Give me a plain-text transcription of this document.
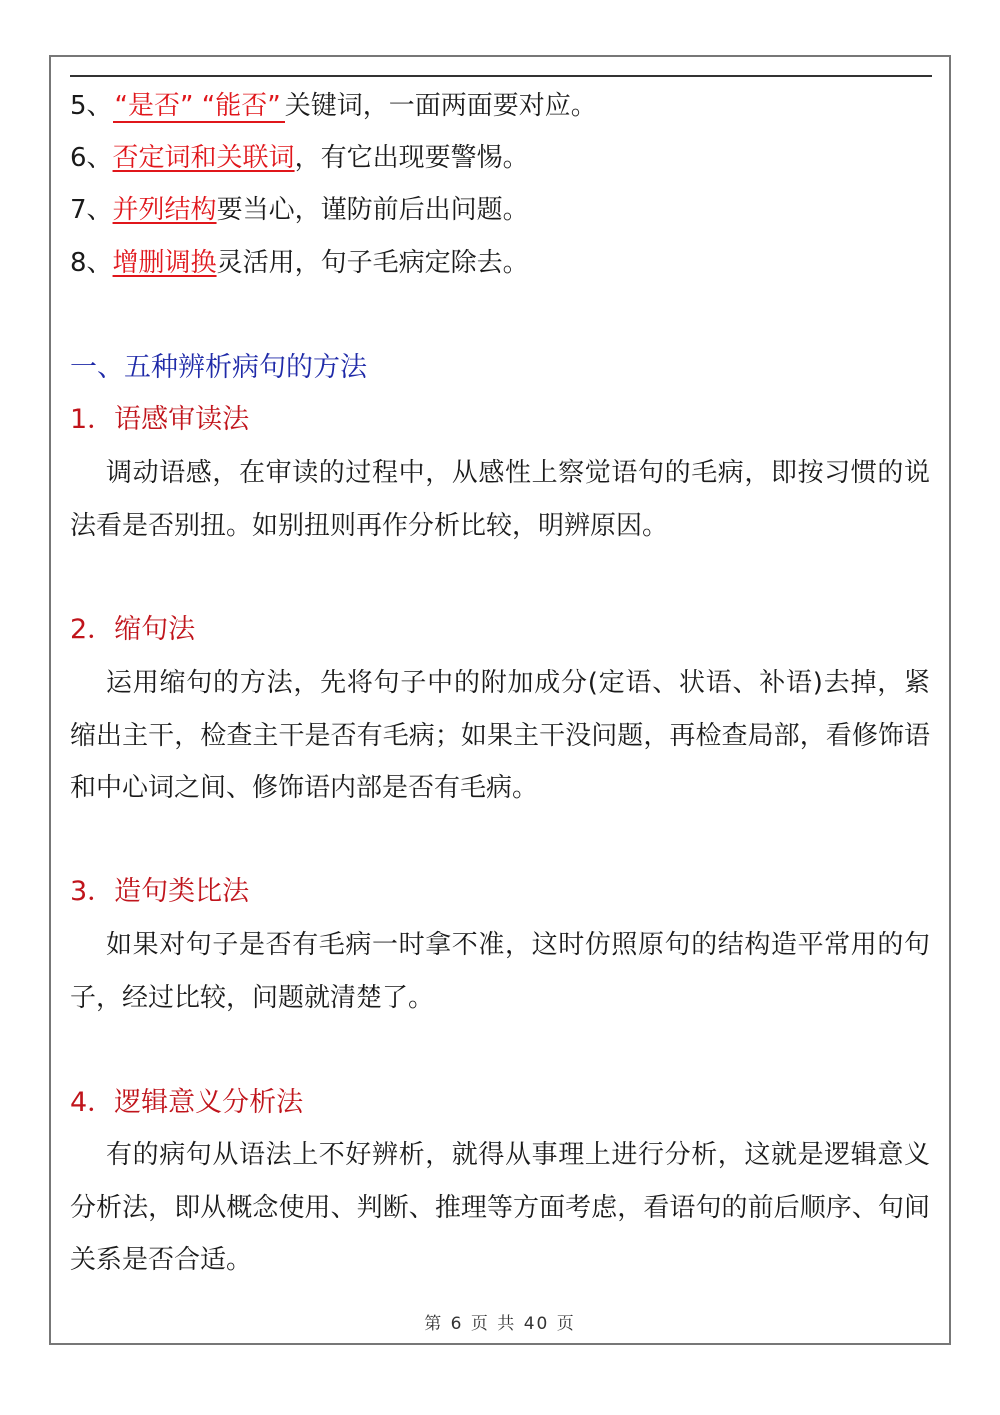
5、“是否” “能否” 关键词，一面两面要对应。
6、否定词和关联词，有它出现要警惕。
7、并列结构要当心，谨防前后出问题。
8、增删调换灵活用，句子毛病定除去。
一、五种辨析病句的方法
1．语感审读法
调动语感，在审读的过程中，从感性上察觉语句的毛病，即按习惯的说法看是否别扭。如别扭则再作分析比较，明辨原因。
2．缩句法
运用缩句的方法，先将句子中的附加成分(定语、状语、补语)去掉，紧缩出主干，检查主干是否有毛病；如果主干没问题，再检查局部，看修饰语和中心词之间、修饰语内部是否有毛病。
3．造句类比法
如果对句子是否有毛病一时拿不准，这时仿照原句的结构造平常用的句子，经过比较，问题就清楚了。
4．逻辑意义分析法
有的病句从语法上不好辨析，就得从事理上进行分析，这就是逻辑意义分析法，即从概念使用、判断、推理等方面考虑，看语句的前后顺序、句间关系是否合适。
第 6 页 共 40 页
